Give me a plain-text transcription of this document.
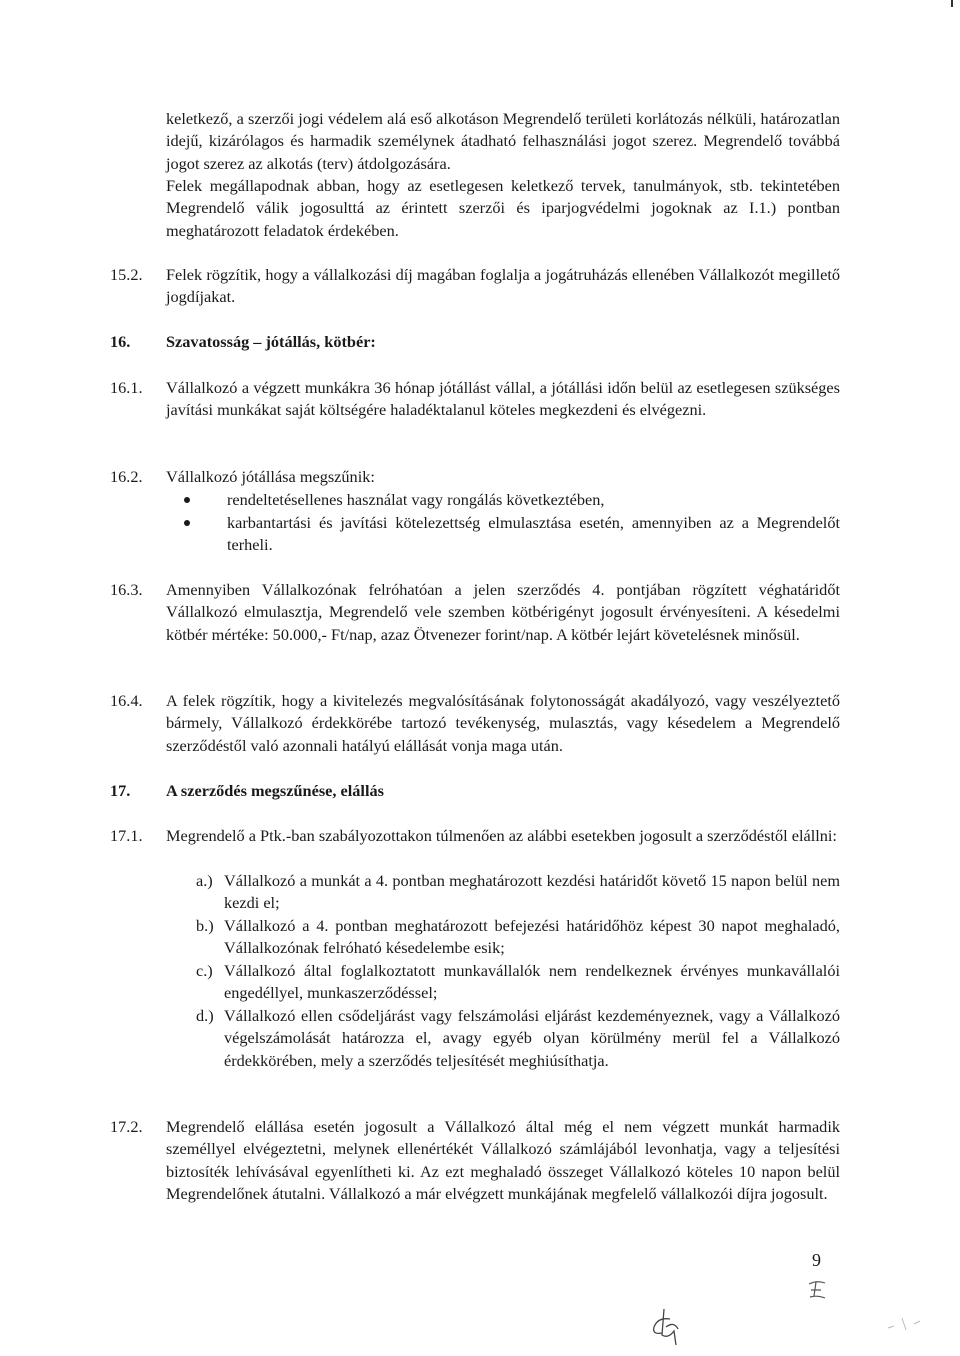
keletkező, a szerzői jogi védelem alá eső alkotáson Megrendelő területi korlátozás nélküli, határozatlan idejű, kizárólagos és harmadik személynek átadható felhasználási jogot szerez. Megrendelő továbbá jogot szerez az alkotás (terv) átdolgozására.
Felek megállapodnak abban, hogy az esetlegesen keletkező tervek, tanulmányok, stb. tekintetében Megrendelő válik jogosulttá az érintett szerzői és iparjogvédelmi jogoknak az I.1.) pontban meghatározott feladatok érdekében.
15.2. Felek rögzítik, hogy a vállalkozási díj magában foglalja a jogátruházás ellenében Vállalkozót megillető jogdíjakat.
16. Szavatosság – jótállás, kötbér:
16.1. Vállalkozó a végzett munkákra 36 hónap jótállást vállal, a jótállási időn belül az esetlegesen szükséges javítási munkákat saját költségére haladéktalanul köteles megkezdeni és elvégezni.
16.2. Vállalkozó jótállása megszűnik:
rendeltetésellenes használat vagy rongálás következtében,
karbantartási és javítási kötelezettség elmulasztása esetén, amennyiben az a Megrendelőt terheli.
16.3. Amennyiben Vállalkozónak felróhatóan a jelen szerződés 4. pontjában rögzített véghatáridőt Vállalkozó elmulasztja, Megrendelő vele szemben kötbérigényt jogosult érvényesíteni. A késedelmi kötbér mértéke: 50.000,- Ft/nap, azaz Ötvenezer forint/nap. A kötbér lejárt követelésnek minősül.
16.4. A felek rögzítik, hogy a kivitelezés megvalósításának folytonosságát akadályozó, vagy veszélyeztető bármely, Vállalkozó érdekkörébe tartozó tevékenység, mulasztás, vagy késedelem a Megrendelő szerződéstől való azonnali hatályú elállását vonja maga után.
17. A szerződés megszűnése, elállás
17.1. Megrendelő a Ptk.-ban szabályozottakon túlmenően az alábbi esetekben jogosult a szerződéstől elállni:
a.) Vállalkozó a munkát a 4. pontban meghatározott kezdési határidőt követő 15 napon belül nem kezdi el;
b.) Vállalkozó a 4. pontban meghatározott befejezési határidőhöz képest 30 napot meghaladó, Vállalkozónak felróható késedelembe esik;
c.) Vállalkozó által foglalkoztatott munkavállalók nem rendelkeznek érvényes munkavállalói engedéllyel, munkaszerződéssel;
d.) Vállalkozó ellen csődeljárást vagy felszámolási eljárást kezdeményeznek, vagy a Vállalkozó végelszámolását határozza el, avagy egyéb olyan körülmény merül fel a Vállalkozó érdekkörében, mely a szerződés teljesítését meghiúsíthatja.
17.2. Megrendelő elállása esetén jogosult a Vállalkozó által még el nem végzett munkát harmadik személlyel elvégeztetni, melynek ellenértékét Vállalkozó számlájából levonhatja, vagy a teljesítési biztosíték lehívásával egyenlítheti ki. Az ezt meghaladó összeget Vállalkozó köteles 10 napon belül Megrendelőnek átutalni. Vállalkozó a már elvégzett munkájának megfelelő vállalkozói díjra jogosult.
9
